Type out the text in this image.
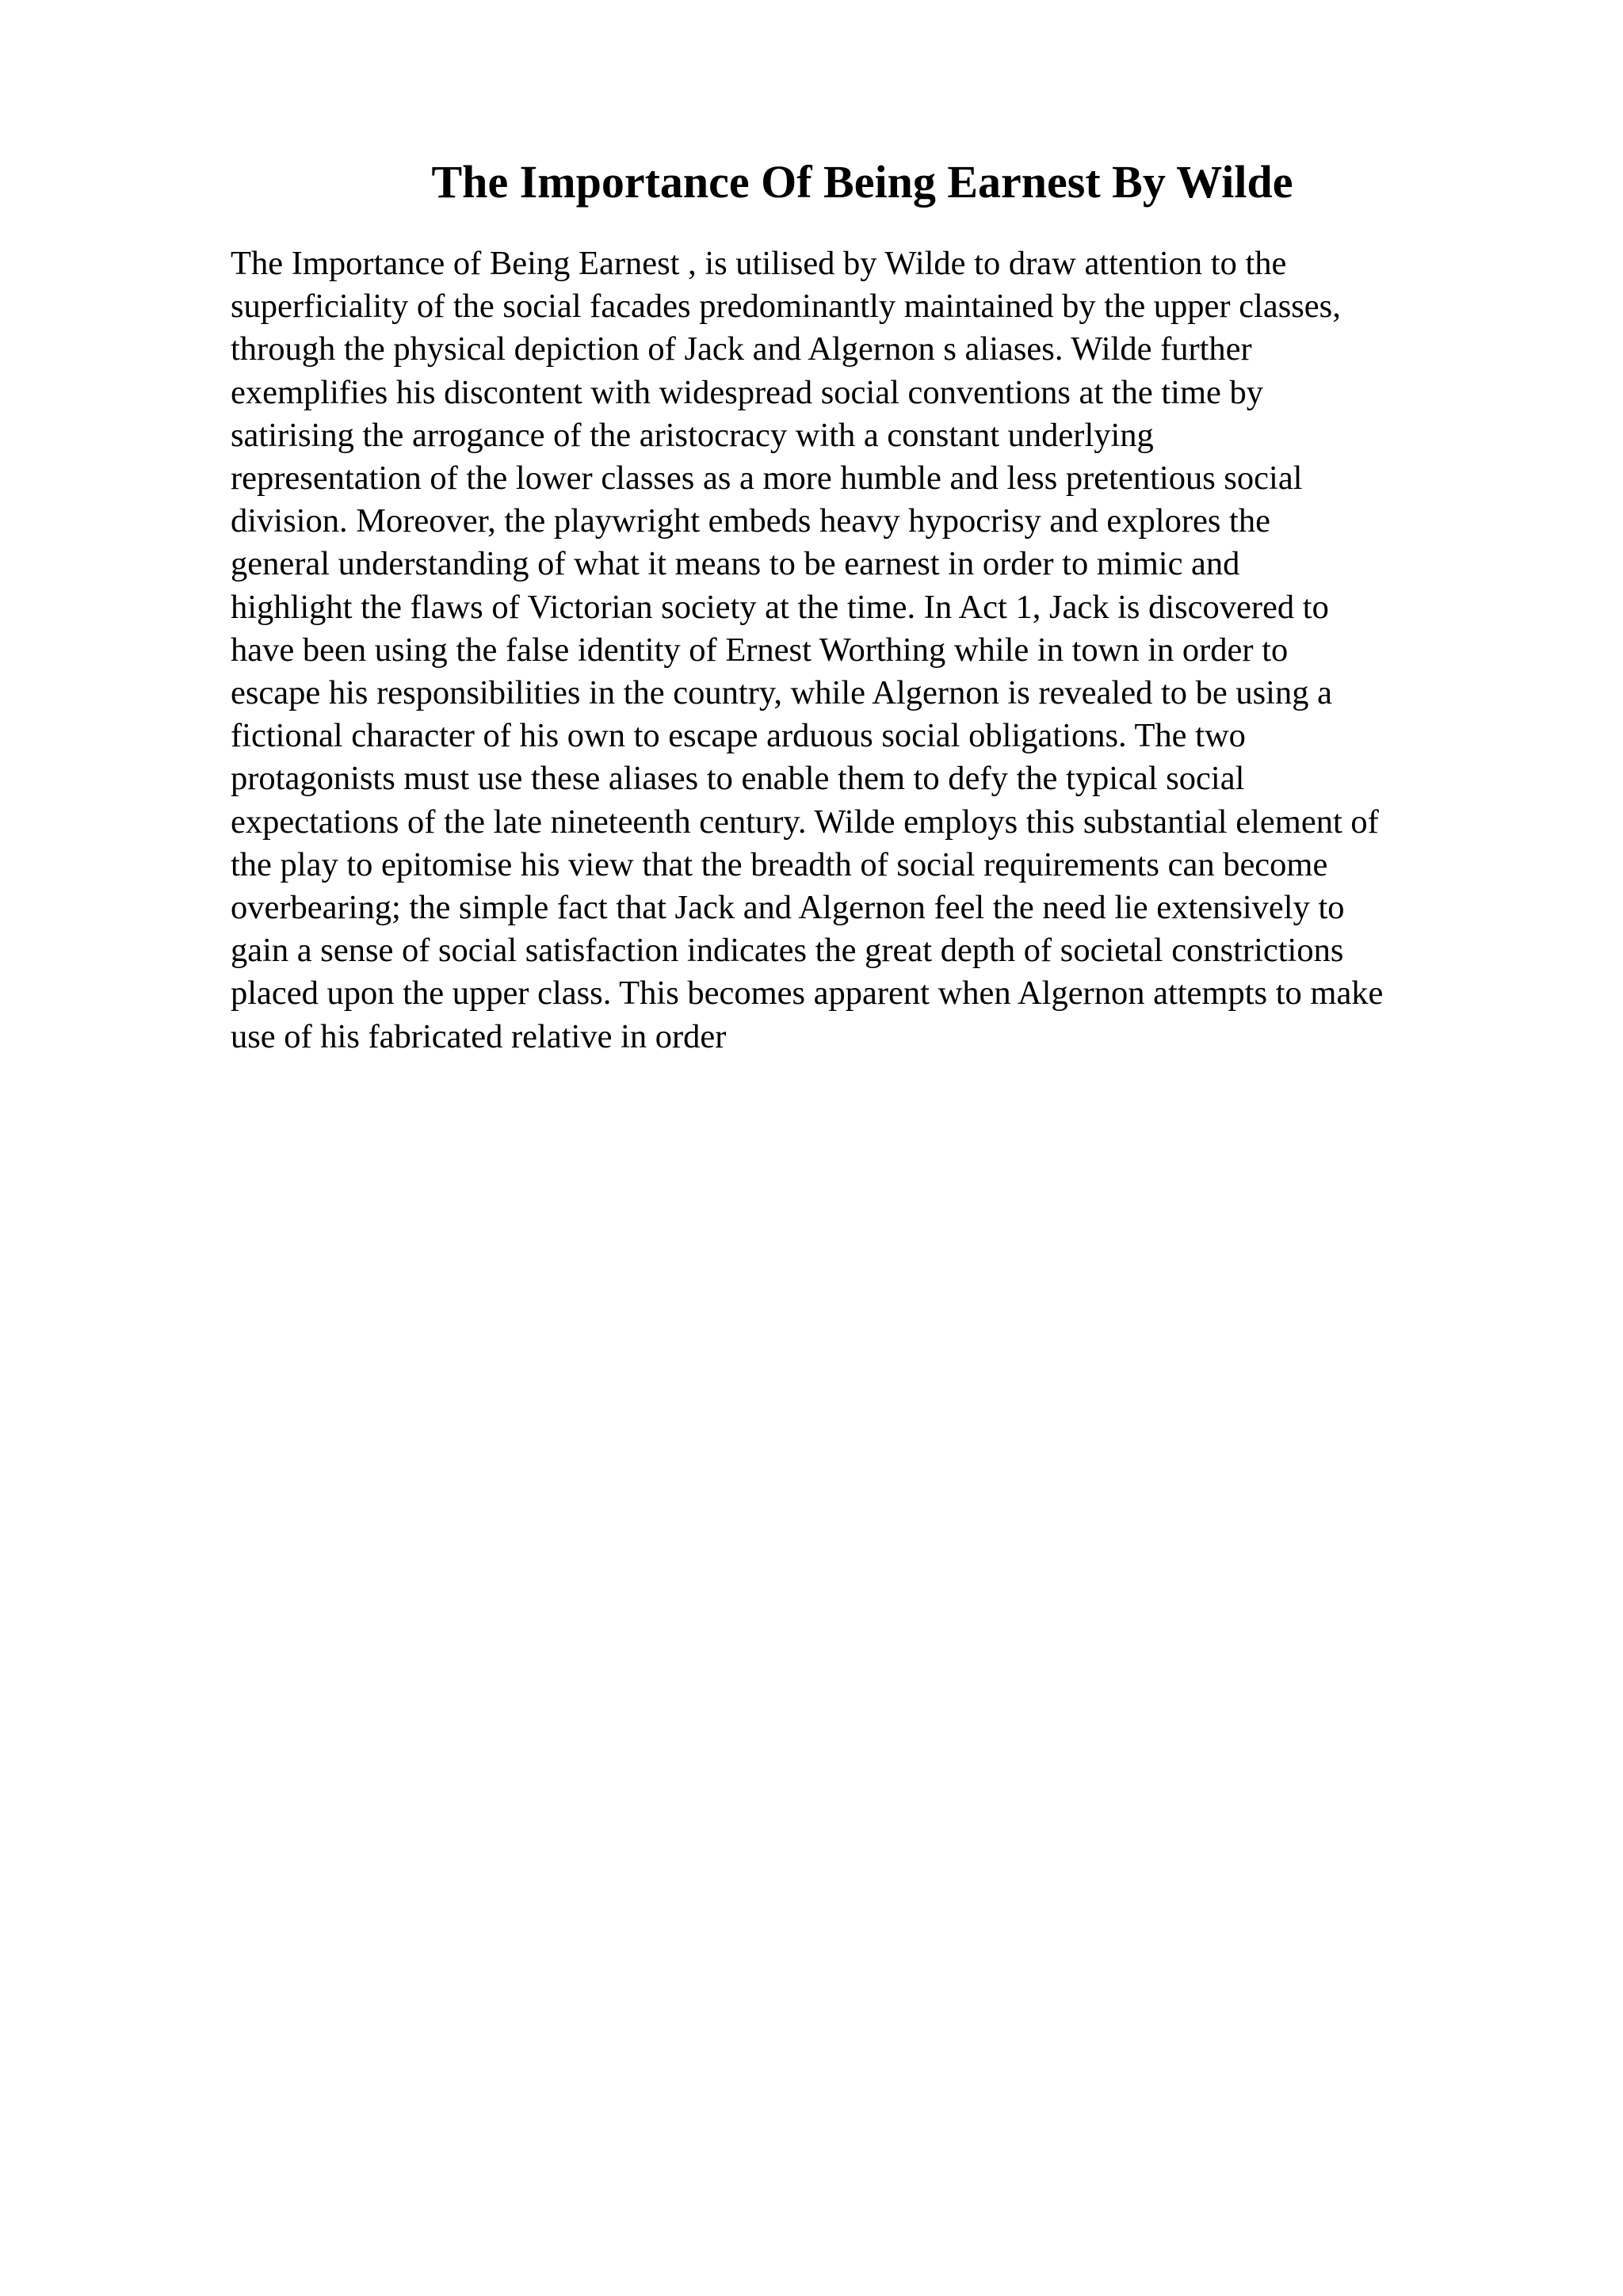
The Importance Of Being Earnest By Wilde
The Importance of Being Earnest , is utilised by Wilde to draw attention to the
superficiality of the social facades predominantly maintained by the upper classes,
through the physical depiction of Jack and Algernon s aliases. Wilde further
exemplifies his discontent with widespread social conventions at the time by
satirising the arrogance of the aristocracy with a constant underlying
representation of the lower classes as a more humble and less pretentious social
division. Moreover, the playwright embeds heavy hypocrisy and explores the
general understanding of what it means to be earnest in order to mimic and
highlight the flaws of Victorian society at the time. In Act 1, Jack is discovered to
have been using the false identity of Ernest Worthing while in town in order to
escape his responsibilities in the country, while Algernon is revealed to be using a
fictional character of his own to escape arduous social obligations. The two
protagonists must use these aliases to enable them to defy the typical social
expectations of the late nineteenth century. Wilde employs this substantial element of
the play to epitomise his view that the breadth of social requirements can become
overbearing; the simple fact that Jack and Algernon feel the need lie extensively to
gain a sense of social satisfaction indicates the great depth of societal constrictions
placed upon the upper class. This becomes apparent when Algernon attempts to make
use of his fabricated relative in order
